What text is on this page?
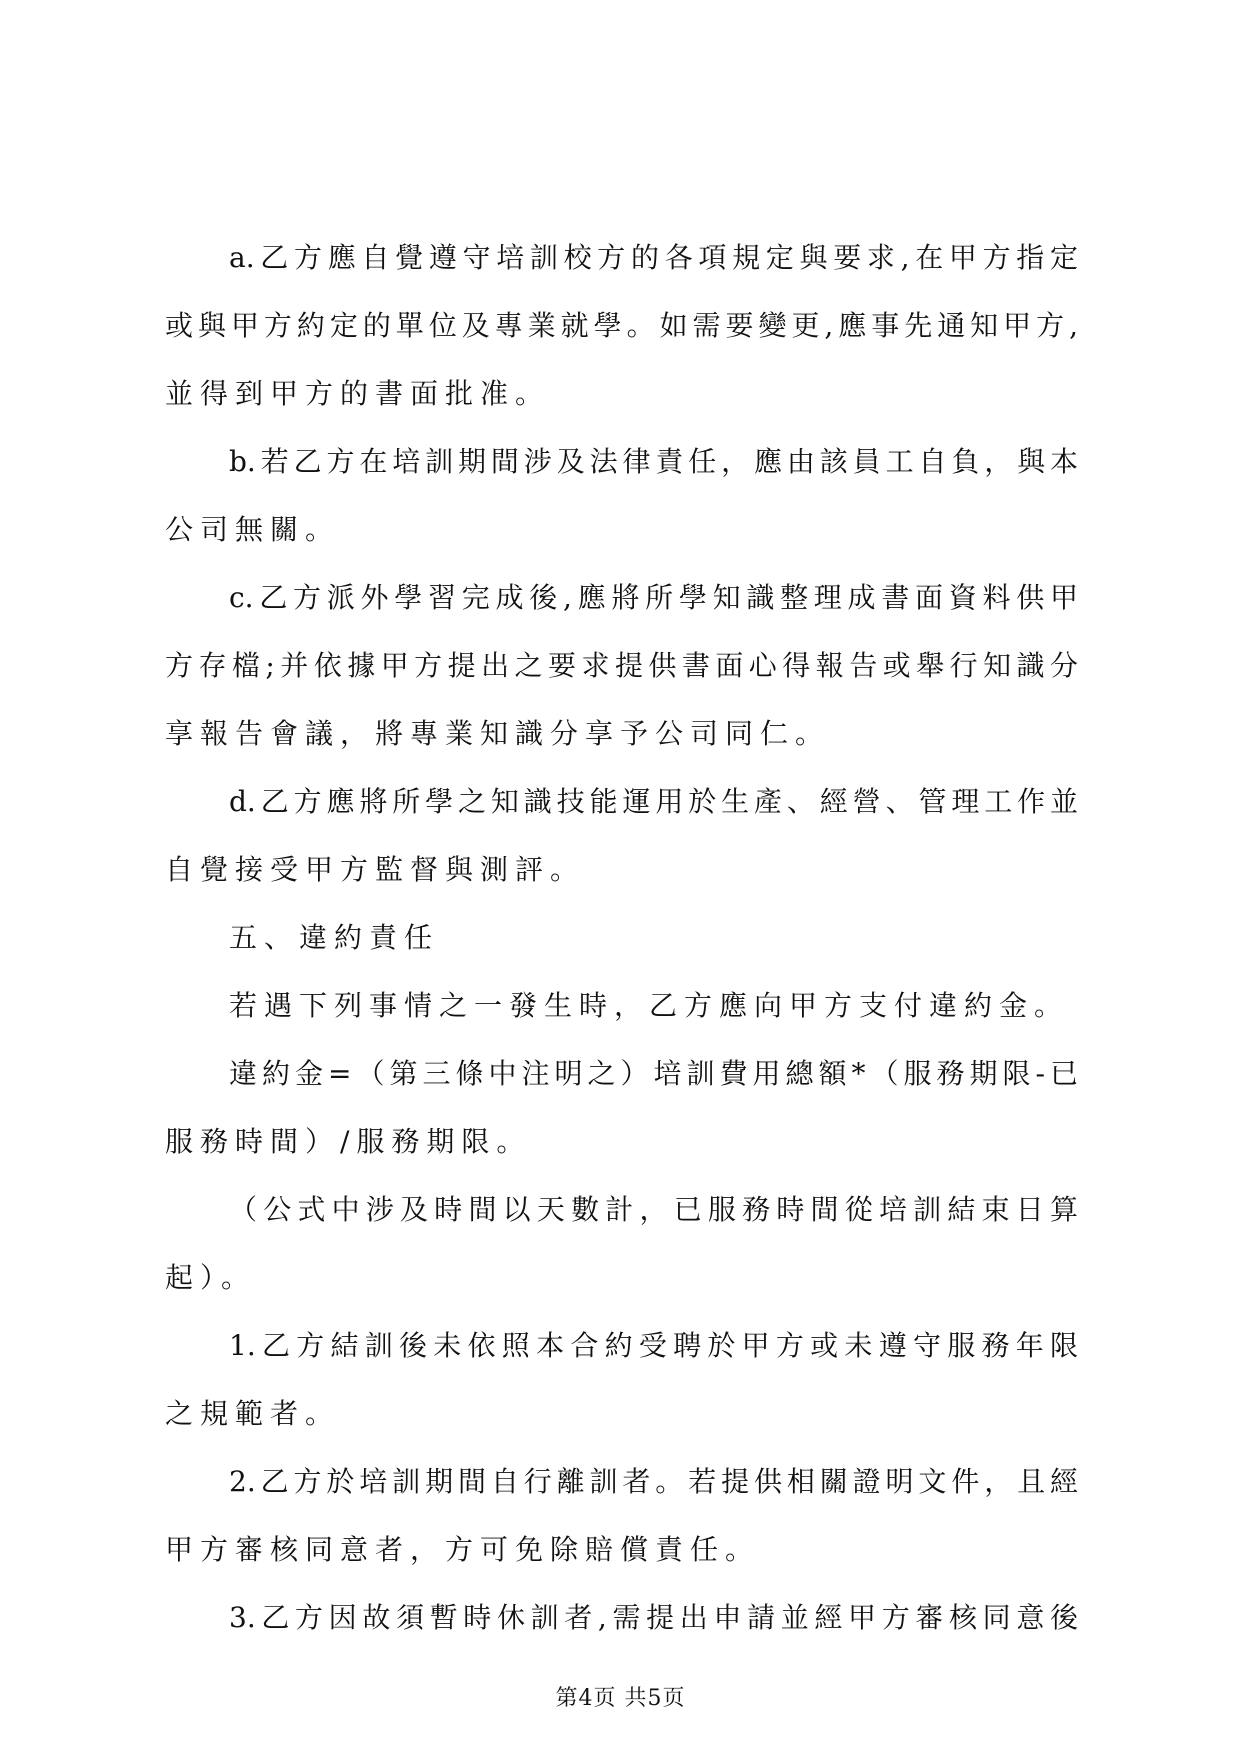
a.乙方應自覺遵守培訓校方的各項規定與要求,在甲方指定
或與甲方約定的單位及專業就學。如需要變更,應事先通知甲方,
並得到甲方的書面批准。
b.若乙方在培訓期間涉及法律責任，應由該員工自負，與本
公司無關。
c.乙方派外學習完成後,應將所學知識整理成書面資料供甲
方存檔;并依據甲方提出之要求提供書面心得報告或舉行知識分
享報告會議，將專業知識分享予公司同仁。
d.乙方應將所學之知識技能運用於生產、經營、管理工作並
自覺接受甲方監督與測評。
五、違約責任
若遇下列事情之一發生時，乙方應向甲方支付違約金。
違約金=（第三條中注明之）培訓費用總額*（服務期限-已
服務時間）/服務期限。
（公式中涉及時間以天數計，已服務時間從培訓結束日算
起）。
1.乙方結訓後未依照本合約受聘於甲方或未遵守服務年限
之規範者。
2.乙方於培訓期間自行離訓者。若提供相關證明文件，且經
甲方審核同意者，方可免除賠償責任。
3.乙方因故須暫時休訓者,需提出申請並經甲方審核同意後
第4页 共5页
